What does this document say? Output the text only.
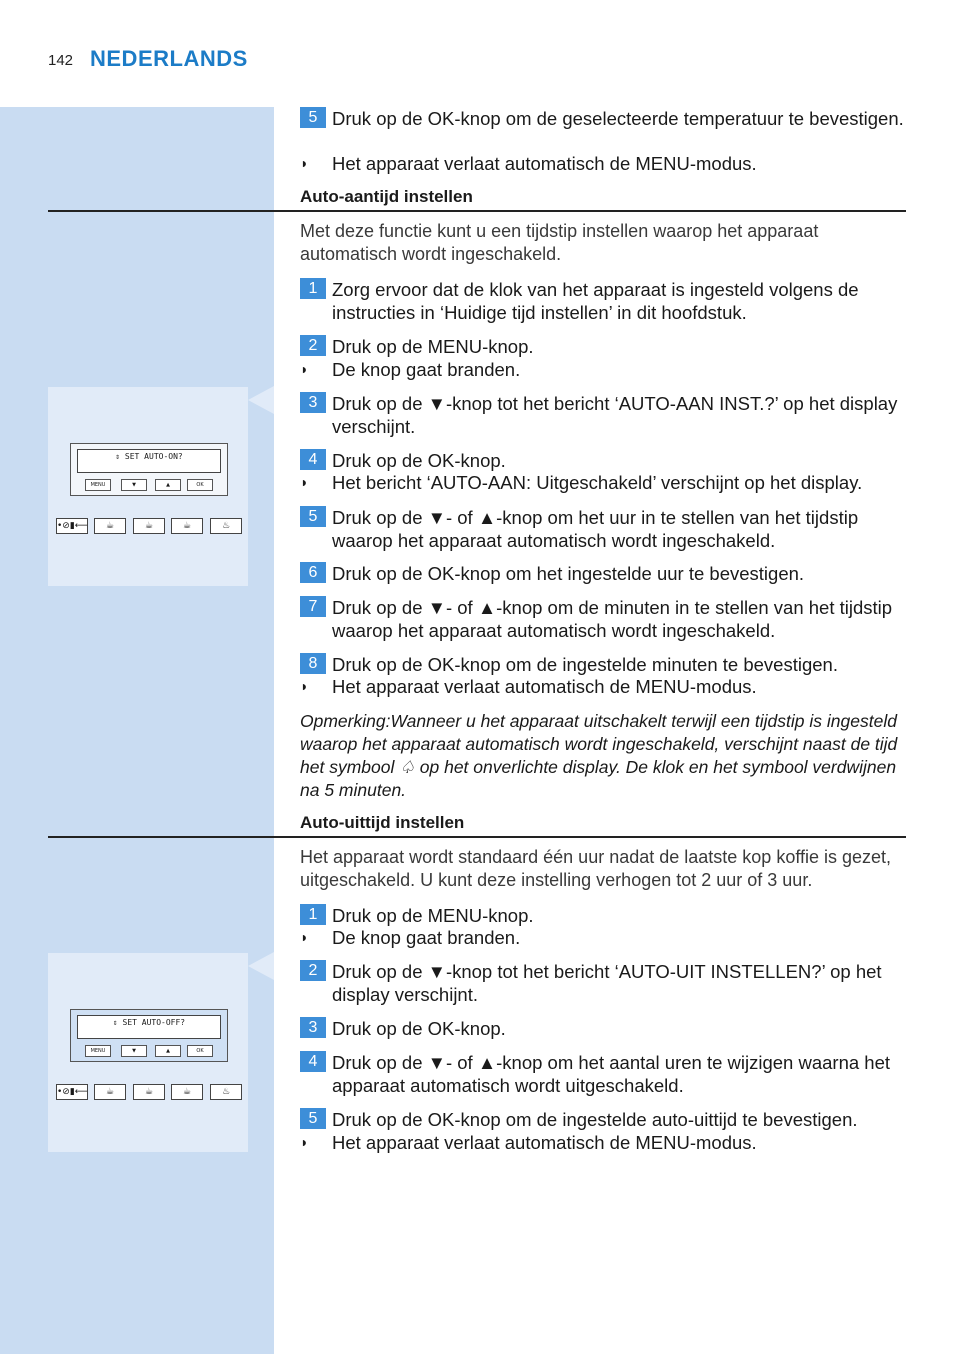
142 NEDERLANDS
5 Druk op de OK-knop om de geselecteerde temperatuur te bevestigen.
◗ Het apparaat verlaat automatisch de MENU-modus.
Auto-aantijd instellen
Met deze functie kunt u een tijdstip instellen waarop het apparaat automatisch wordt ingeschakeld.
1 Zorg ervoor dat de klok van het apparaat is ingesteld volgens de instructies in ‘Huidige tijd instellen’ in dit hoofdstuk.
2 Druk op de MENU-knop.
◗ De knop gaat branden.
3 Druk op de ▼-knop tot het bericht ‘AUTO-AAN INST.?’ op het display verschijnt.
4 Druk op de OK-knop.
◗ Het bericht ‘AUTO-AAN: Uitgeschakeld’ verschijnt op het display.
5 Druk op de ▼- of ▲-knop om het uur in te stellen van het tijdstip waarop het apparaat automatisch wordt ingeschakeld.
6 Druk op de OK-knop om het ingestelde uur te bevestigen.
7 Druk op de ▼- of ▲-knop om de minuten in te stellen van het tijdstip waarop het apparaat automatisch wordt ingeschakeld.
8 Druk op de OK-knop om de ingestelde minuten te bevestigen.
◗ Het apparaat verlaat automatisch de MENU-modus.
Opmerking:Wanneer u het apparaat uitschakelt terwijl een tijdstip is ingesteld waarop het apparaat automatisch wordt ingeschakeld, verschijnt naast de tijd het symbool ♤ op het onverlichte display. De klok en het symbool verdwijnen na 5 minuten.
⇕ SET AUTO-ON?
MENU	▼	▲	OK
•⊘▮⟵	☕	☕	☕	♨
Auto-uittijd instellen
Het apparaat wordt standaard één uur nadat de laatste kop koffie is gezet, uitgeschakeld. U kunt deze instelling verhogen tot 2 uur of 3 uur.
1 Druk op de MENU-knop.
◗ De knop gaat branden.
2 Druk op de ▼-knop tot het bericht ‘AUTO-UIT INSTELLEN?’ op het display verschijnt.
3 Druk op de OK-knop.
4 Druk op de ▼- of ▲-knop om het aantal uren te wijzigen waarna het apparaat automatisch wordt uitgeschakeld.
5 Druk op de OK-knop om de ingestelde auto-uittijd te bevestigen.
◗ Het apparaat verlaat automatisch de MENU-modus.
⇕ SET AUTO-OFF?
MENU	▼	▲	OK
•⊘▮⟵	☕	☕	☕	♨
